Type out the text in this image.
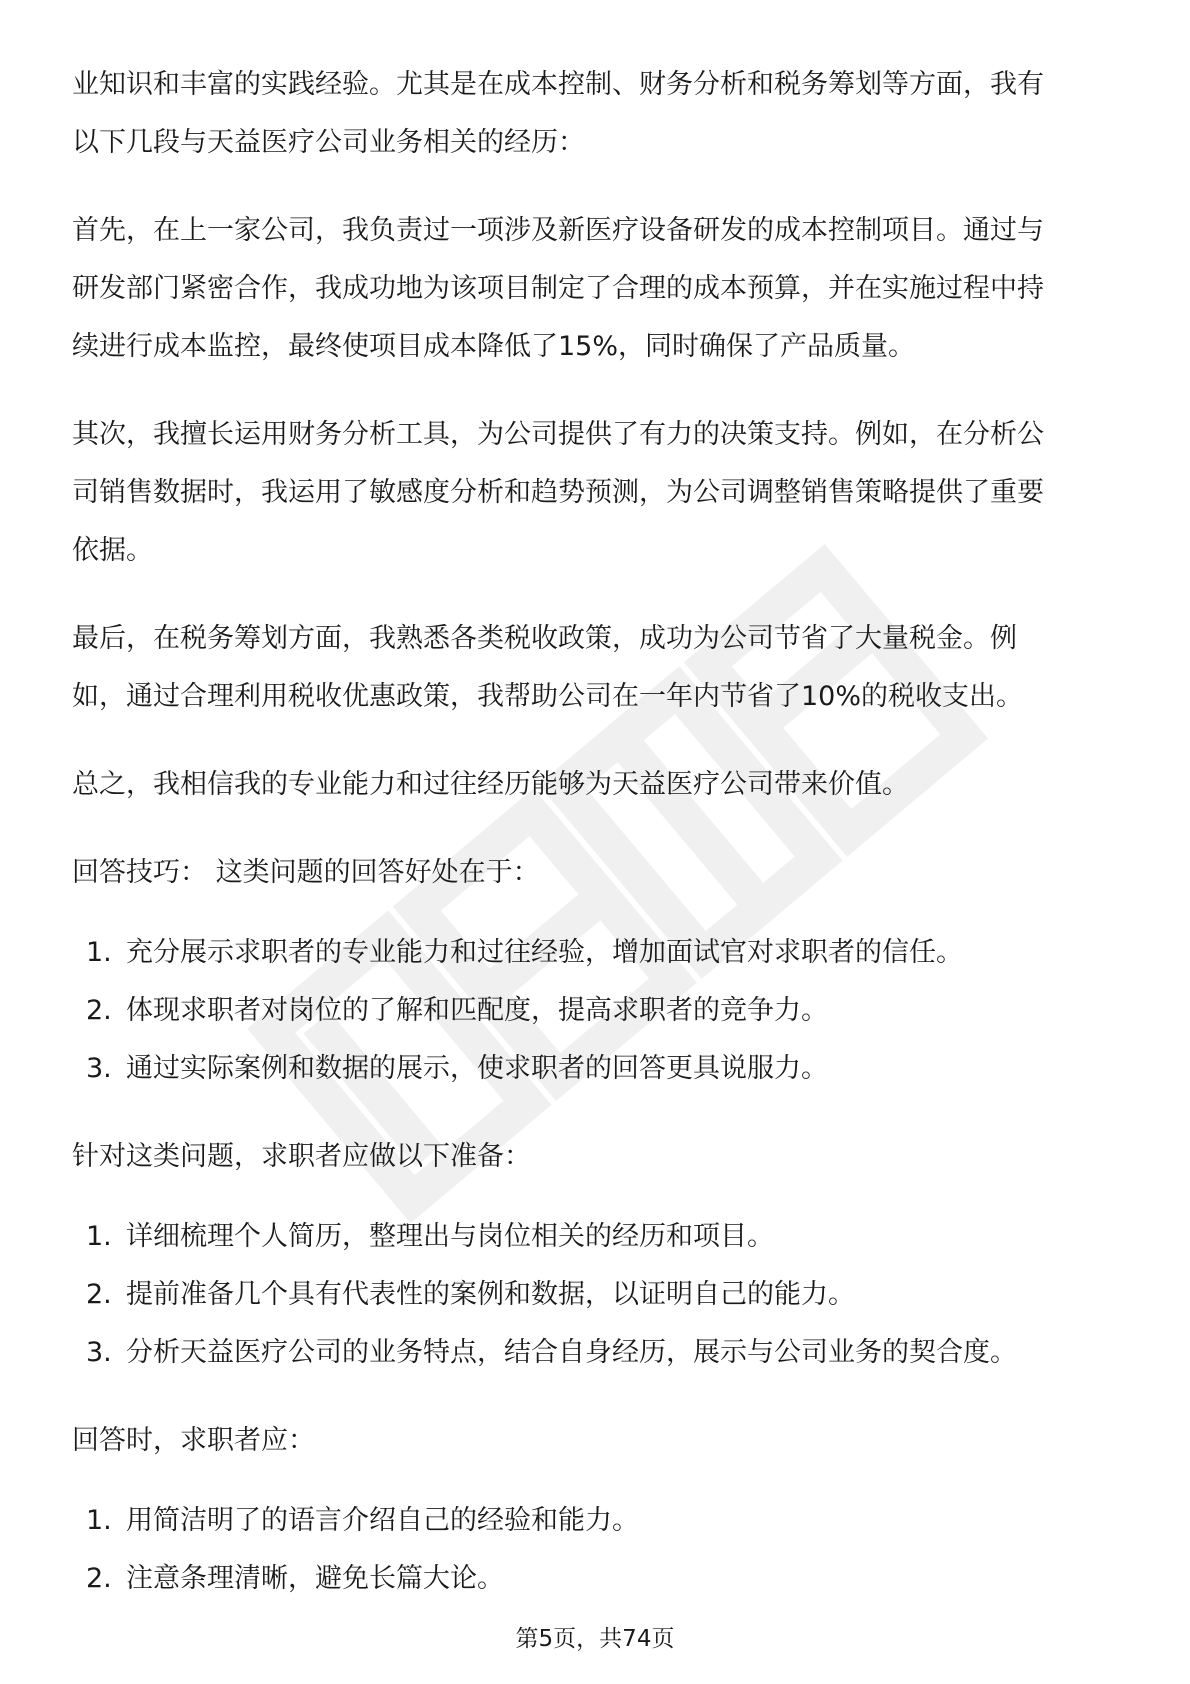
业知识和丰富的实践经验。尤其是在成本控制、财务分析和税务筹划等方面，我有

以下几段与天益医疗公司业务相关的经历：

首先，在上一家公司，我负责过一项涉及新医疗设备研发的成本控制项目。通过与

研发部门紧密合作，我成功地为该项目制定了合理的成本预算，并在实施过程中持

续进行成本监控，最终使项目成本降低了15%，同时确保了产品质量。

其次，我擅长运用财务分析工具，为公司提供了有力的决策支持。例如，在分析公

司销售数据时，我运用了敏感度分析和趋势预测，为公司调整销售策略提供了重要

依据。

最后，在税务筹划方面，我熟悉各类税收政策，成功为公司节省了大量税金。例

如，通过合理利用税收优惠政策，我帮助公司在一年内节省了10%的税收支出。

总之，我相信我的专业能力和过往经历能够为天益医疗公司带来价值。

回答技巧： 这类问题的回答好处在于：

1. 充分展示求职者的专业能力和过往经验，增加面试官对求职者的信任。
2. 体现求职者对岗位的了解和匹配度，提高求职者的竞争力。
3. 通过实际案例和数据的展示，使求职者的回答更具说服力。

针对这类问题，求职者应做以下准备：

1. 详细梳理个人简历，整理出与岗位相关的经历和项目。
2. 提前准备几个具有代表性的案例和数据，以证明自己的能力。
3. 分析天益医疗公司的业务特点，结合自身经历，展示与公司业务的契合度。

回答时，求职者应：

1. 用简洁明了的语言介绍自己的经验和能力。
2. 注意条理清晰，避免长篇大论。
第5页，共74页
